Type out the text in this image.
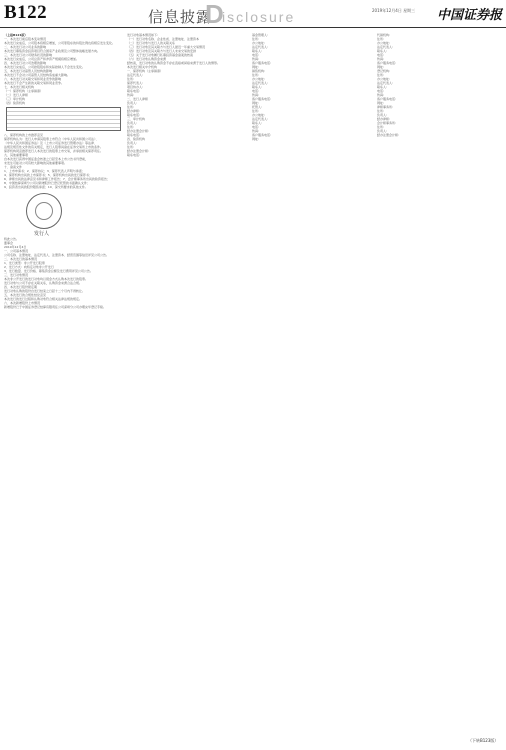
B122	信息披露
D
isclosure	2019年12月4日 星期三 中国证券报
（上接B121版）
一、本次发行前后股本变动情况
本次发行完成后，公司股本将相应增加，公司原股东的持股比例也将相应发生变化。
二、本次发行对公司业务的影响
本次发行募集资金投资项目符合国家产业政策及公司整体战略发展方向。
三、本次发行对公司财务状况的影响
本次发行完成后，公司总资产和净资产规模将相应增加。
四、本次发行对公司治理的影响
本次发行完成后，公司控股股东和实际控制人不会发生变化。
五、本次发行对高管人员结构的影响
本次发行不会对公司高管人员结构造成重大影响。
六、本次发行对关联交易和同业竞争的影响
本次发行不会产生新的关联交易和同业竞争。
七、本次发行相关机构
（一）保荐机构（主承销商）
（二）发行人律师
（三）审计机构
（四）验资机构
八、保荐机构的上市推荐意见
保荐机构认为：发行人申请其股票上市符合《中华人民共和国公司法》、
《中华人民共和国证券法》及《上市公司证券发行管理办法》等法律、
法规及规范性文件的有关规定，发行人股票具备在证券交易所上市的条件。
保荐机构同意推荐发行人本次发行的股票上市交易，并承担相关保荐责任。
九、其他重要事项
自本次发行获得中国证监会核准之日起至本上市公告书刊登前，
未发生可能对公司有较大影响的其他重要事项。
十、备查文件
1、上市申请书；2、保荐协议；3、保荐代表人声明与承诺；
4、保荐机构出具的上市保荐书；5、保荐机构出具的发行保荐书；
6、律师出具的法律意见书和律师工作报告；7、会计师事务所出具的验资报告；
8、中国结算深圳分公司对新增股份已登记托管的书面确认文件；
9、投资者出具的股份限售承诺；10、深交所要求的其他文件。
发行人
特此公告。
董事会
2019年12月4日
一、公司基本情况
公司名称、注册地址、法定代表人、注册资本、经营范围等信息详见公司公告。
二、本次发行的基本情况
1、发行类型：非公开发行股票
2、发行方式：向特定对象非公开发行
3、发行数量、发行价格、募集资金总额及发行费用详见公司公告。
三、发行对象情况
本次非公开发行的发行对象均以现金方式认购本次发行的股票。
发行对象与公司不存在关联关系，认购资金来源合法合规。
四、本次发行股份锁定期
发行对象认购的股份自发行结束之日起十二个月内不得转让。
五、本次发行的合规性结论意见
本次发行的发行过程和认购对象符合相关法律法规的规定。
六、本次新增股份上市情况
新增股份已于中国证券登记结算有限责任公司深圳分公司办理完毕登记手续。
发行对象基本情况如下：
（一）发行对象名称、企业性质、注册地址、注册资本
（二）发行对象与发行人的关联关系
（三）发行对象及其关联方与发行人最近一年重大交易情况
（四）发行对象及其关联方与发行人未来交易的安排
（五）关于发行对象履行私募投资基金备案的核查
（六）发行对象认购资金来源
经核查，发行对象的认购资金不存在直接或间接来源于发行人的情形。
本次发行相关中介机构
一、保荐机构（主承销商）
法定代表人：
住所：
保荐代表人：
项目协办人：
联系电话：
传真：
二、发行人律师
负责人：
住所：
经办律师：
联系电话：
三、审计机构
负责人：
住所：
经办注册会计师：
联系电话：
四、验资机构
负责人：
住所：
经办注册会计师：
联系电话：
基金管理人：
住所：
办公地址：
法定代表人：
联系人：
电话：
传真：
客户服务电话：
网址：
销售机构：
住所：
办公地址：
法定代表人：
联系人：
电话：
传真：
客户服务电话：
网址：
托管人：
住所：
办公地址：
法定代表人：
联系人：
电话：
传真：
客户服务电话：
网址：
代销机构：
住所：
办公地址：
法定代表人：
联系人：
电话：
传真：
客户服务电话：
网址：
登记机构：
住所：
办公地址：
法定代表人：
联系人：
电话：
传真：
客户服务电话：
网址：
律师事务所：
住所：
负责人：
经办律师：
会计师事务所：
住所：
负责人：
经办注册会计师：
（下转B123版）
